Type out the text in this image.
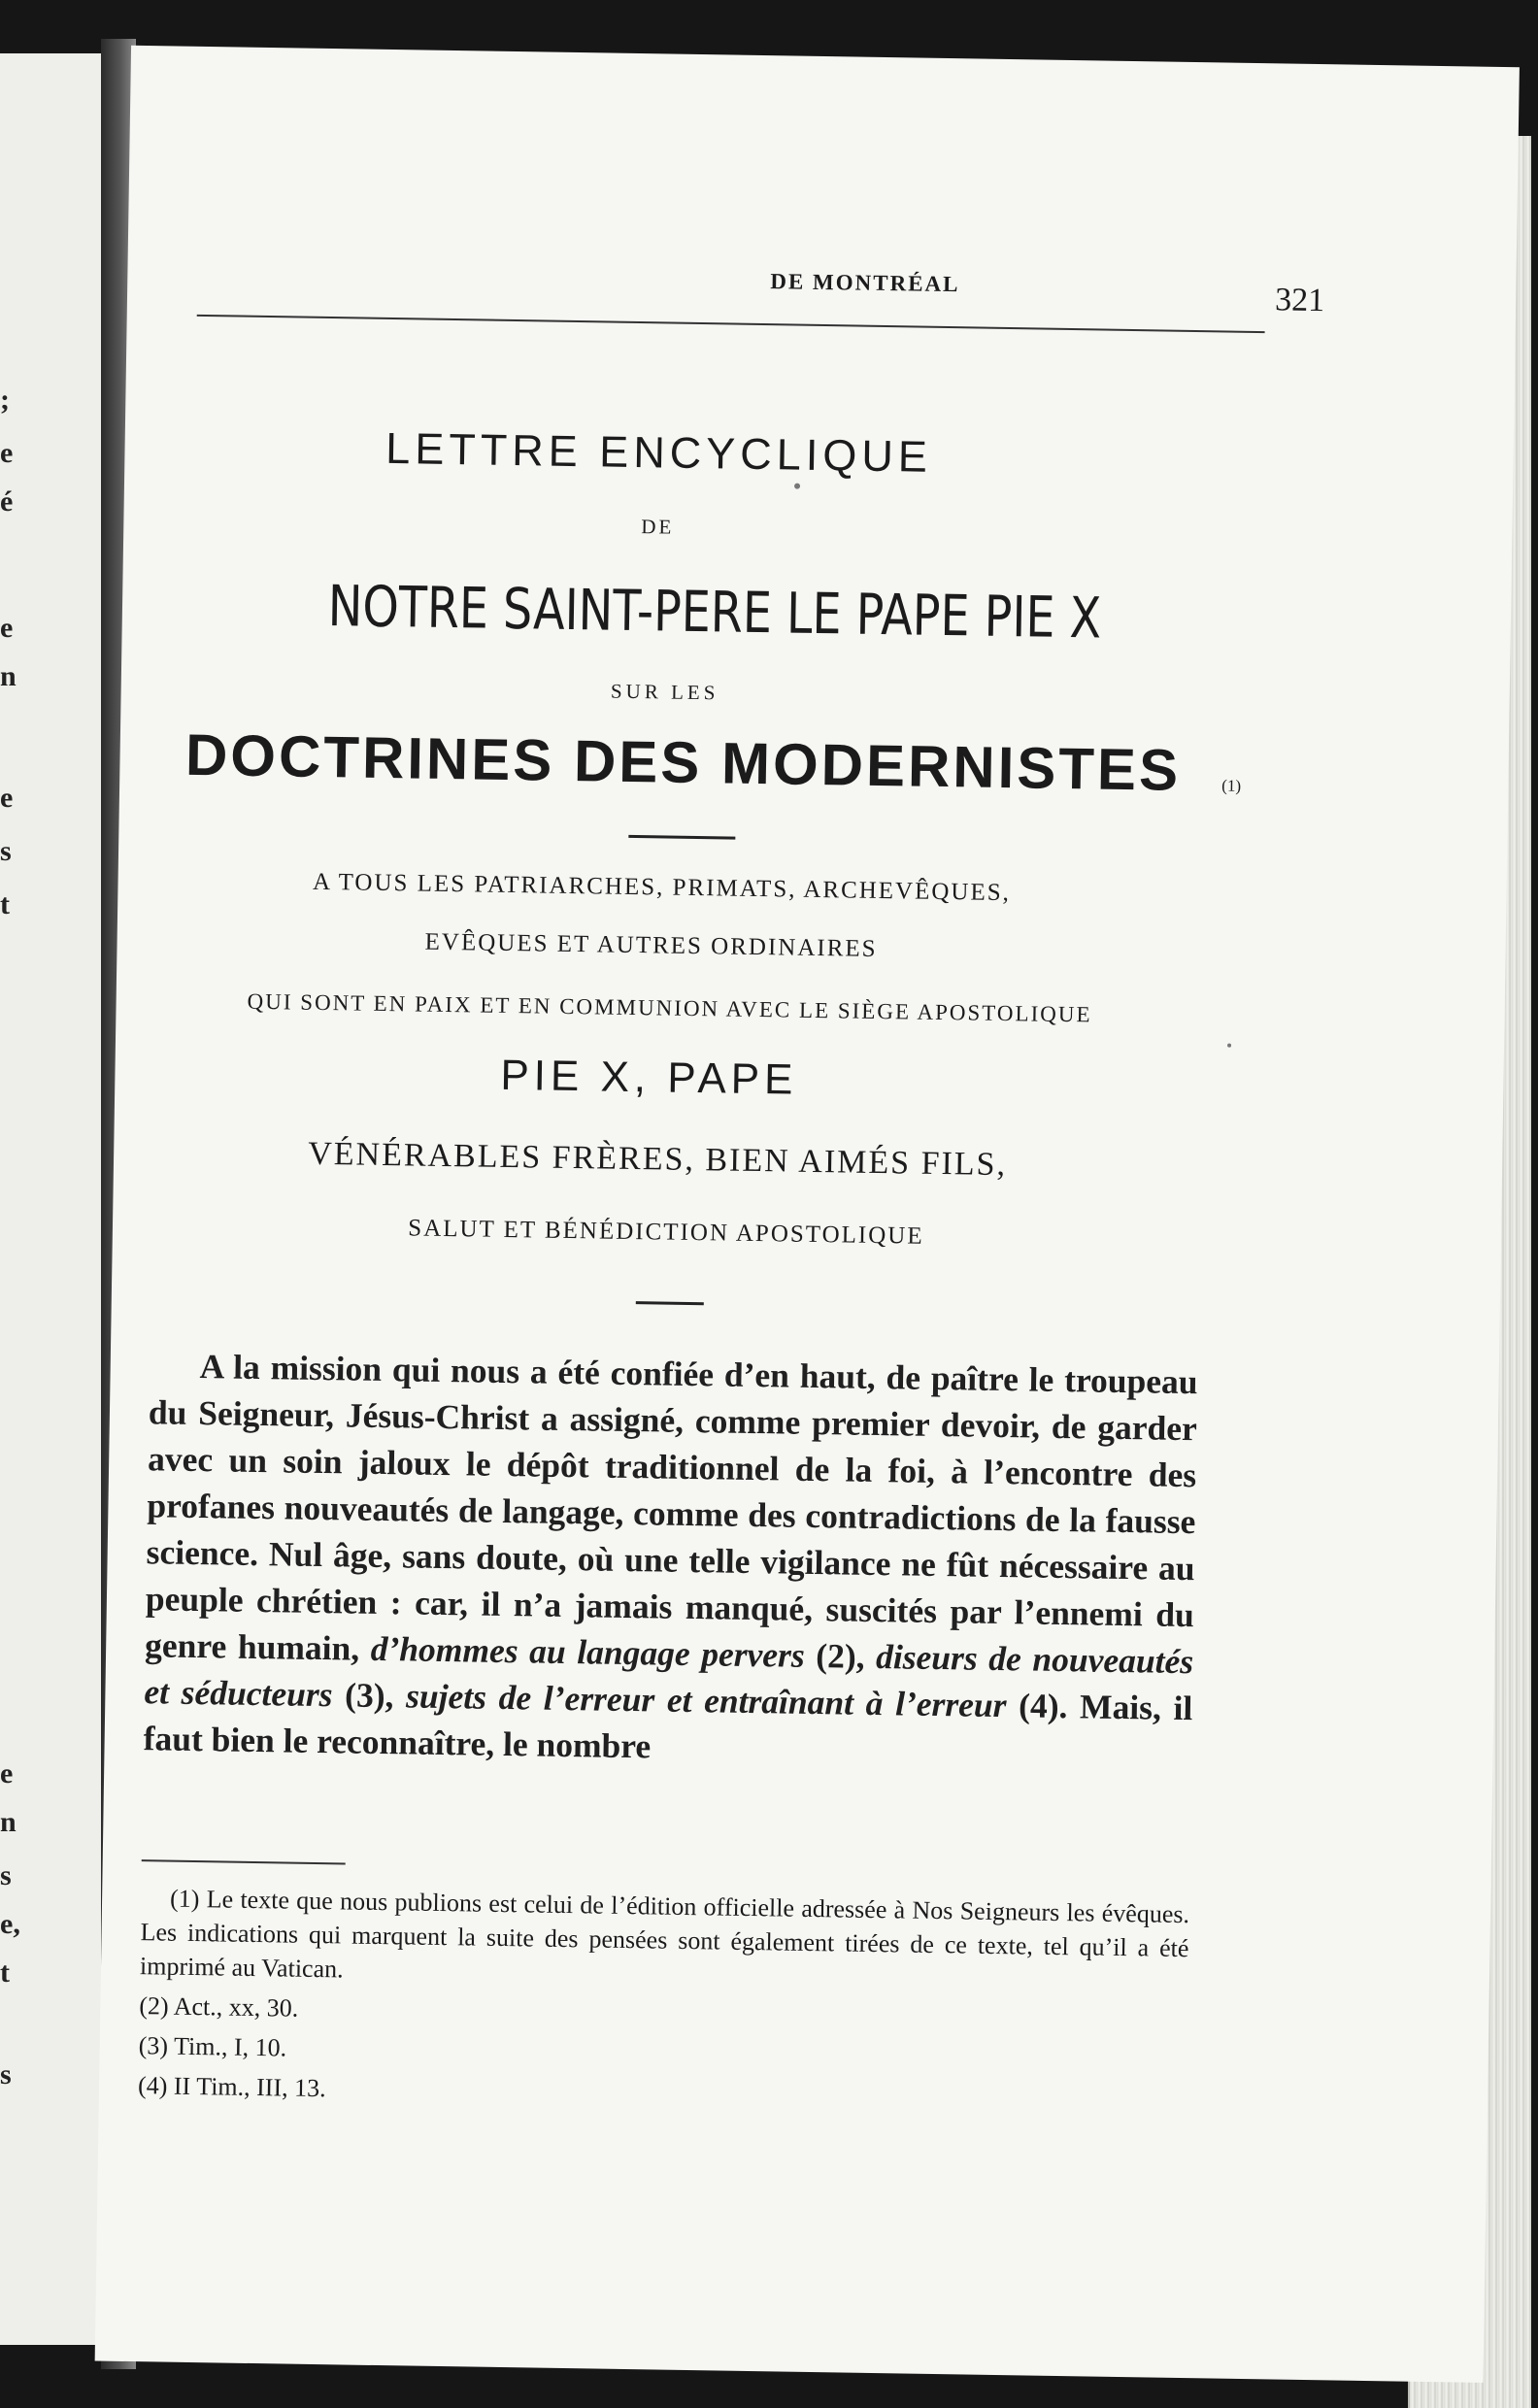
;
e
é
e
n
e
s
t
e
n
s
e,
t
s
DE MONTRÉAL	321
LETTRE ENCYCLIQUE
DE
NOTRE SAINT-PERE LE PAPE PIE X
SUR LES
DOCTRINES DES MODERNISTES	(1)
A TOUS LES PATRIARCHES, PRIMATS, ARCHEVÊQUES,
EVÊQUES ET AUTRES ORDINAIRES
QUI SONT EN PAIX ET EN COMMUNION AVEC LE SIÈGE APOSTOLIQUE
PIE X, PAPE
VÉNÉRABLES FRÈRES, BIEN AIMÉS FILS,
SALUT ET BÉNÉDICTION APOSTOLIQUE
A la mission qui nous a été confiée d’en haut, de paître le troupeau du Seigneur, Jésus-Christ a assigné, comme premier devoir, de garder avec un soin jaloux le dépôt traditionnel de la foi, à l’encontre des profanes nouveautés de langage, comme des contradictions de la fausse science. Nul âge, sans doute, où une telle vigilance ne fût nécessaire au peuple chrétien : car, il n’a jamais manqué, suscités par l’ennemi du genre humain, d’hommes au langage pervers (2), diseurs de nouveautés et séducteurs (3), sujets de l’erreur et entraînant à l’erreur (4). Mais, il faut bien le reconnaître, le nombre
(1) Le texte que nous publions est celui de l’édition officielle adressée à Nos Seigneurs les évêques. Les indications qui marquent la suite des pensées sont également tirées de ce texte, tel qu’il a été imprimé au Vatican.
(2) Act., xx, 30.
(3) Tim., I, 10.
(4) II Tim., III, 13.
